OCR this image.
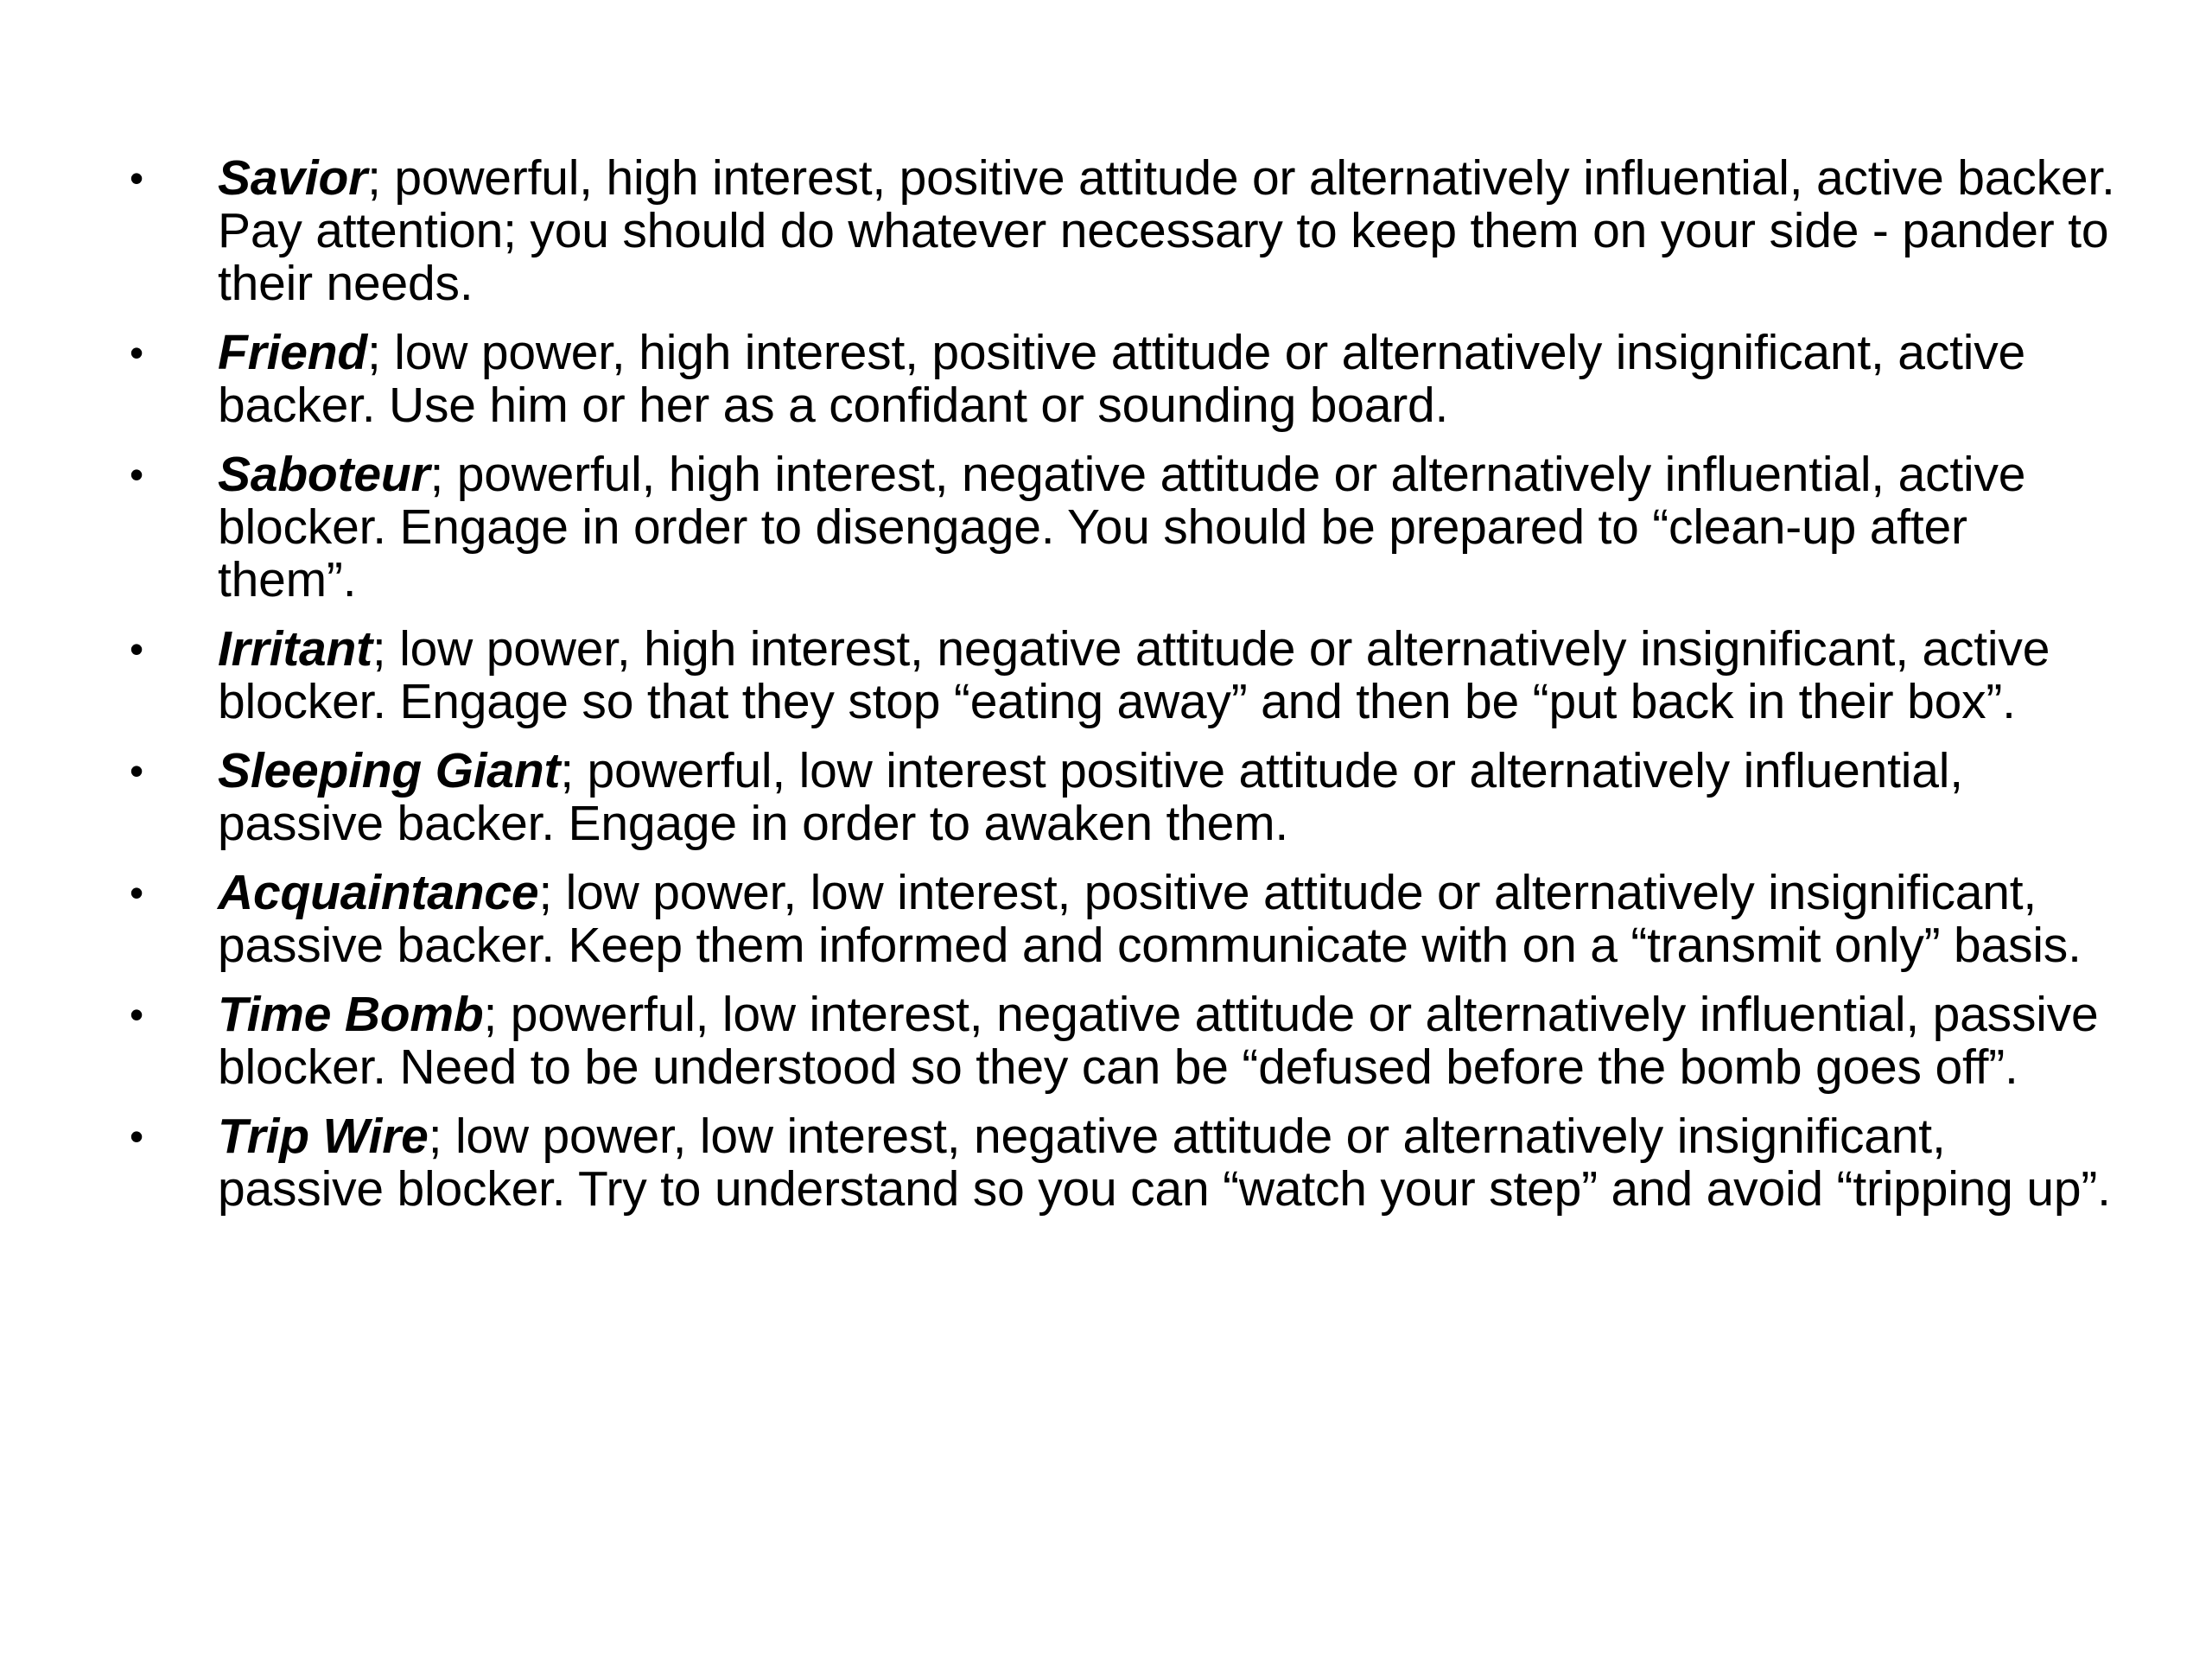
•	Savior; powerful, high interest, positive attitude or alternatively influential, active backer. Pay attention; you should do whatever necessary to keep them on your side - pander to their needs.
•	Friend; low power, high interest, positive attitude or alternatively insignificant, active backer. Use him or her as a confidant or sounding board.
•	Saboteur; powerful, high interest, negative attitude or alternatively influential, active blocker. Engage in order to disengage. You should be prepared to “clean-up after them”.
•	Irritant; low power, high interest, negative attitude or alternatively insignificant, active blocker. Engage so that they stop “eating away” and then be “put back in their box”.
•	Sleeping Giant; powerful, low interest positive attitude or alternatively influential, passive backer. Engage in order to awaken them.
•	Acquaintance; low power, low interest, positive attitude or alternatively insignificant, passive backer. Keep them informed and communicate with on a “transmit only” basis.
•	Time Bomb; powerful, low interest, negative attitude or alternatively influential, passive blocker. Need to be understood so they can be “defused before the bomb goes off”.
•	Trip Wire; low power, low interest, negative attitude or alternatively insignificant, passive blocker. Try to understand so you can “watch your step” and avoid “tripping up”.
